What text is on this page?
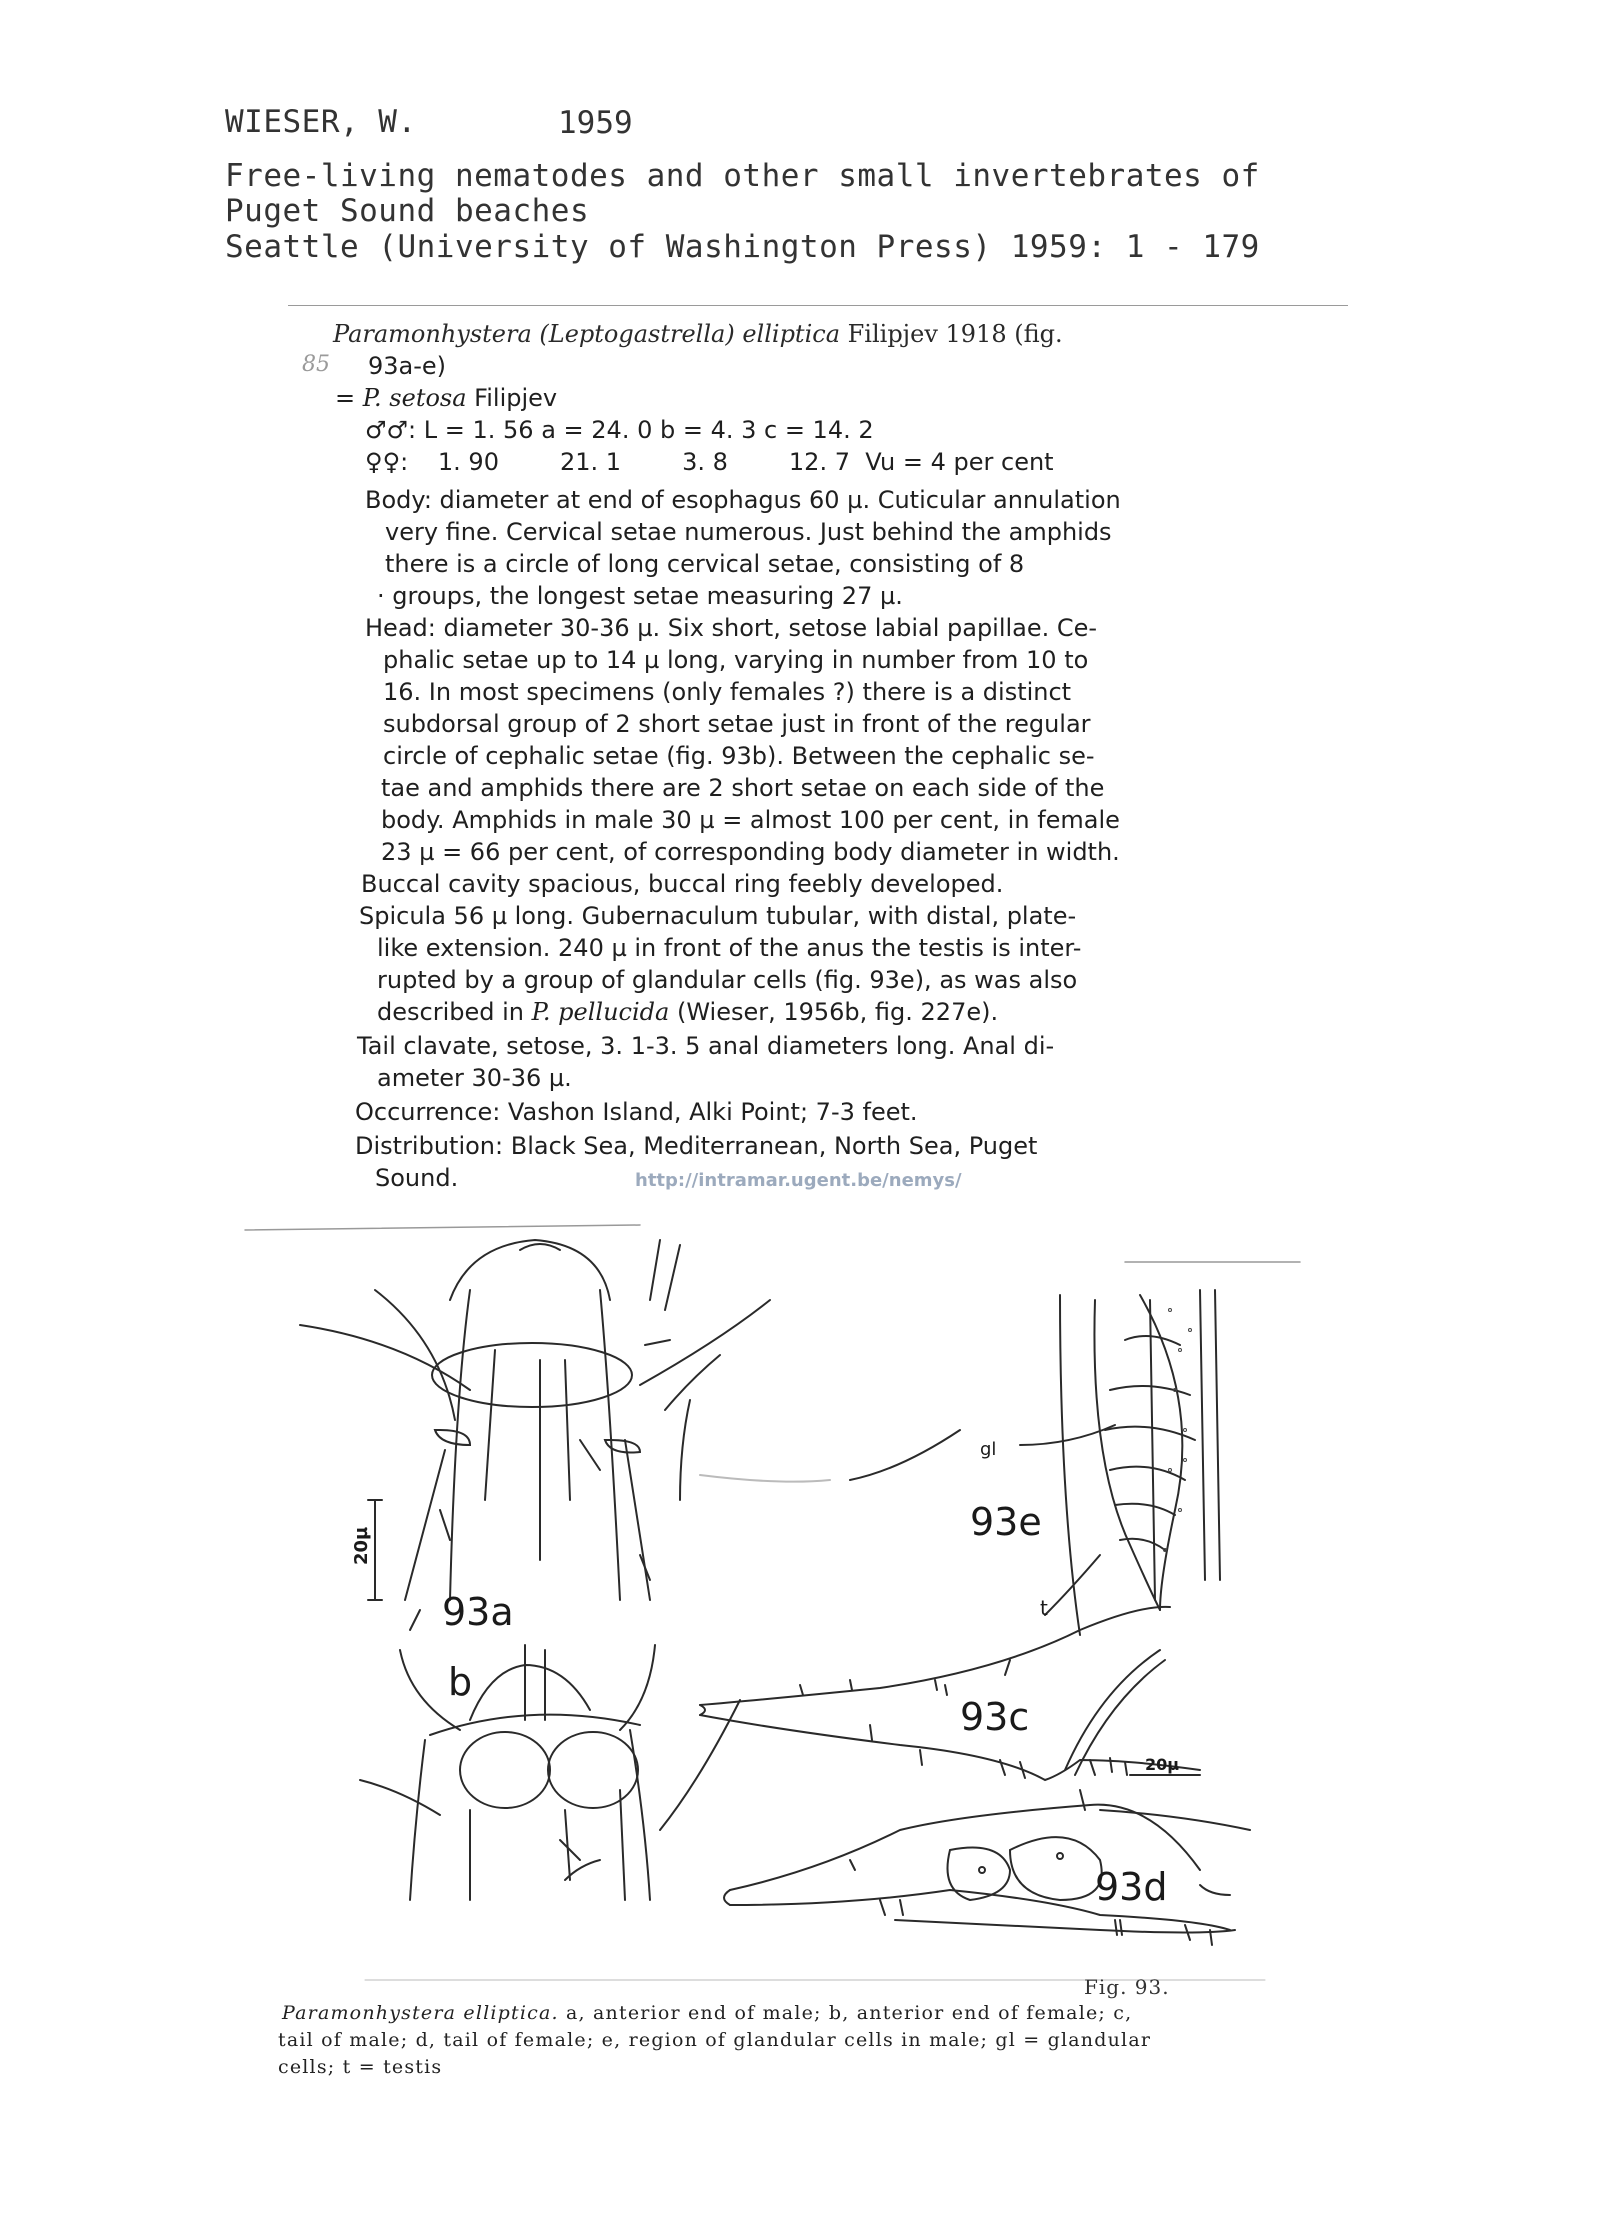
WIESER, W.	1959
Free-living nematodes and other small invertebrates of
Puget Sound beaches
Seattle (University of Washington Press) 1959: 1 - 179
Paramonhystera (Leptogastrella) elliptica Filipjev 1918 (fig.
85 93a-e)
= P. setosa Filipjev
♂♂: L = 1. 56 a = 24. 0 b = 4. 3 c = 14. 2
♀♀: 1. 90        21. 1        3. 8        12. 7  Vu = 4 per cent
Body: diameter at end of esophagus 60 µ. Cuticular annulation
very fine. Cervical setae numerous. Just behind the amphids
there is a circle of long cervical setae, consisting of 8
· groups, the longest setae measuring 27 µ.
Head: diameter 30-36 µ. Six short, setose labial papillae. Ce-
phalic setae up to 14 µ long, varying in number from 10 to
16. In most specimens (only females ?) there is a distinct
subdorsal group of 2 short setae just in front of the regular
circle of cephalic setae (fig. 93b). Between the cephalic se-
tae and amphids there are 2 short setae on each side of the
body. Amphids in male 30 µ = almost 100 per cent, in female
23 µ = 66 per cent, of corresponding body diameter in width.
Buccal cavity spacious, buccal ring feebly developed.
Spicula 56 µ long. Gubernaculum tubular, with distal, plate-
like extension. 240 µ in front of the anus the testis is inter-
rupted by a group of glandular cells (fig. 93e), as was also
described in P. pellucida (Wieser, 1956b, fig. 227e).
Tail clavate, setose, 3. 1-3. 5 anal diameters long. Anal di-
ameter 30-36 µ.
Occurrence: Vashon Island, Alki Point; 7-3 feet.
Distribution: Black Sea, Mediterranean, North Sea, Puget
Sound.	http://intramar.ugent.be/nemys/
20µ
93a
b
gl
93e
t
93c
20µ
93d
Fig. 93.
Paramonhystera elliptica. a, anterior end of male; b, anterior end of female; c,
tail of male; d, tail of female; e, region of glandular cells in male; gl = glandular
cells; t = testis
